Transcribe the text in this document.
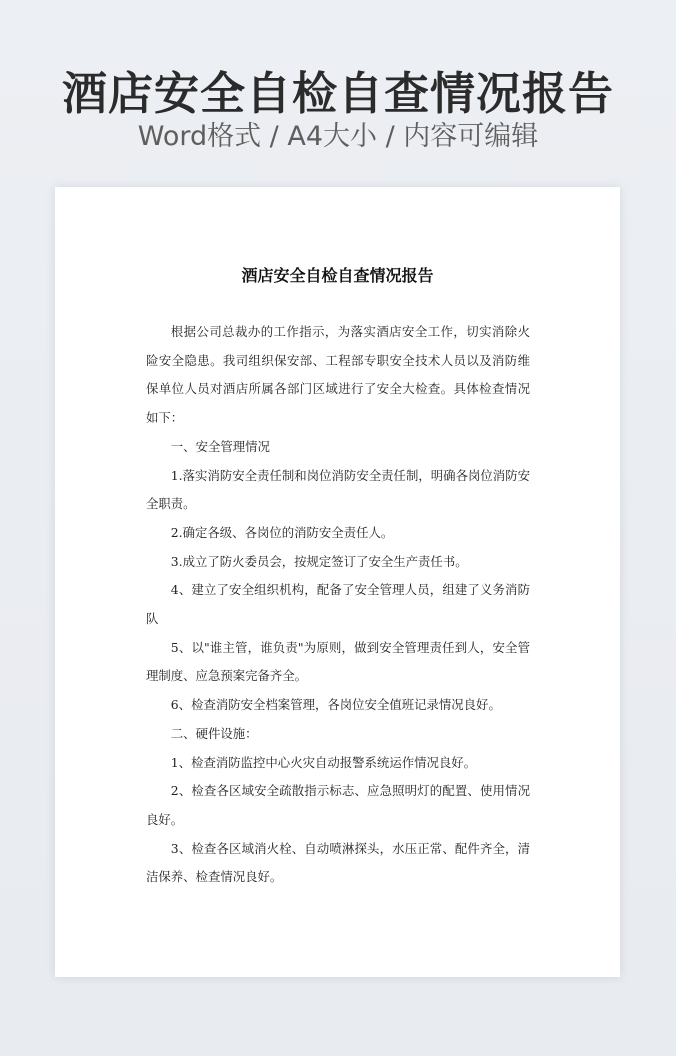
酒店安全自检自查情况报告
Word格式 / A4大小 / 内容可编辑
酒店安全自检自查情况报告

根据公司总裁办的工作指示，为落实酒店安全工作，切实消除火险安全隐患。我司组织保安部、工程部专职安全技术人员以及消防维保单位人员对酒店所属各部门区域进行了安全大检查。具体检查情况如下：

一、安全管理情况

1.落实消防安全责任制和岗位消防安全责任制，明确各岗位消防安全职责。

2.确定各级、各岗位的消防安全责任人。

3.成立了防火委员会，按规定签订了安全生产责任书。

4、建立了安全组织机构，配备了安全管理人员，组建了义务消防队

5、以"谁主管，谁负责"为原则，做到安全管理责任到人，安全管理制度、应急预案完备齐全。

6、检查消防安全档案管理，各岗位安全值班记录情况良好。

二、硬件设施：

1、检查消防监控中心火灾自动报警系统运作情况良好。

2、检查各区域安全疏散指示标志、应急照明灯的配置、使用情况良好。

3、检查各区域消火栓、自动喷淋探头，水压正常、配件齐全，清洁保养、检查情况良好。
